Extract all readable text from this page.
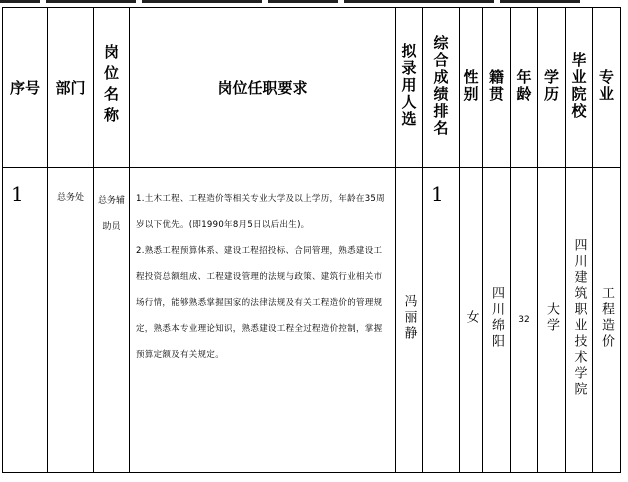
序号	部门	岗位名称	岗位任职要求	拟录用人选	综合成绩排名	性别	籍贯	年龄	学历	毕业院校	专业
1	总务处	总务辅助员	1.土木工程、工程造价等相关专业大学及以上学历，年龄在35周岁以下优先。(即1990年8月5日以后出生)。

2.熟悉工程预算体系、建设工程招投标、合同管理，熟悉建设工程投资总额组成、工程建设管理的法规与政策、建筑行业相关市场行情，能够熟悉掌握国家的法律法规及有关工程造价的管理规定，熟悉本专业理论知识，熟悉建设工程全过程造价控制，掌握预算定额及有关规定。	冯丽静	1	女	四川绵阳	32	大学	四川建筑职业技术学院	工程造价
